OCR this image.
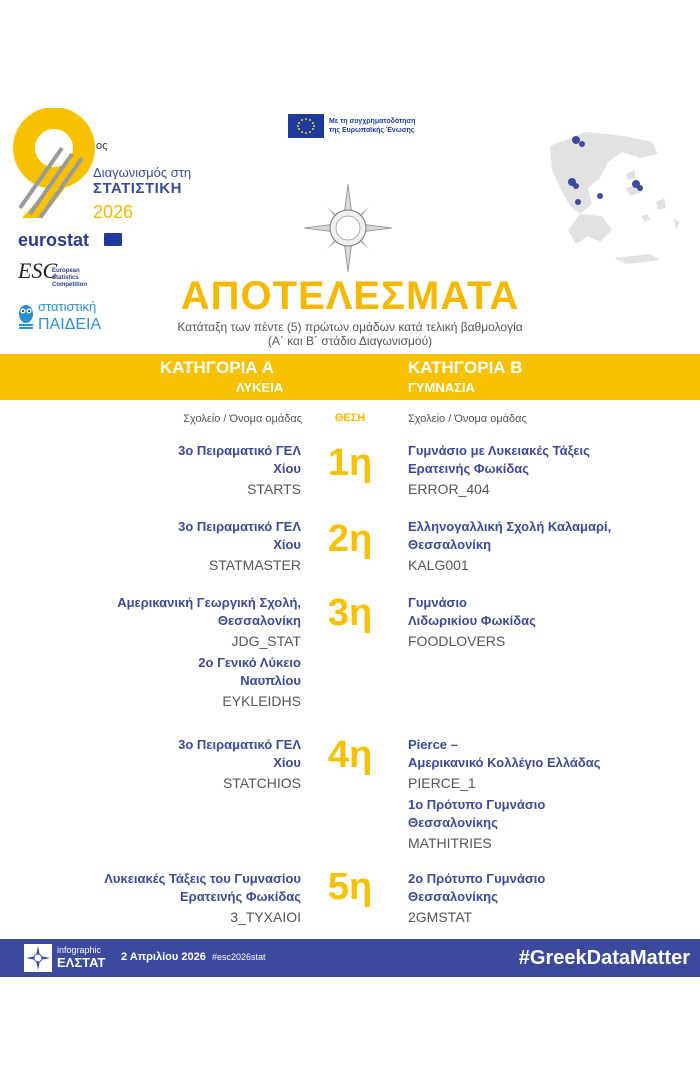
ος
Διαγωνισμός στη
ΣΤΑΤΙΣΤΙΚΗ
2026
eurostat
ESC
European
Statistics
Competition
στατιστική
ΠΑΙΔΕΙΑ
Με τη συγχρηματοδότηση
της Ευρωπαϊκής Ένωσης
ΑΠΟΤΕΛΕΣΜΑΤΑ
Κατάταξη των πέντε (5) πρώτων ομάδων κατά τελική βαθμολογία
(Α΄ και Β΄ στάδιο Διαγωνισμού)
ΚΑΤΗΓΟΡΙΑ Α
ΛΥΚΕΙΑ
ΚΑΤΗΓΟΡΙΑ Β
ΓΥΜΝΑΣΙΑ
Σχολείο / Όνομα ομάδας	ΘΕΣΗ	Σχολείο / Όνομα ομάδας
3ο Πειραματικό ΓΕΛ
Χίου
STARTS
1η	Γυμνάσιο με Λυκειακές Τάξεις
Ερατεινής Φωκίδας
ERROR_404
3ο Πειραματικό ΓΕΛ
Χίου
STATMASTER
2η	Ελληνογαλλική Σχολή Καλαμαρί,
Θεσσαλονίκη
KALG001
Αμερικανική Γεωργική Σχολή,
Θεσσαλονίκη
JDG_STAT
2ο Γενικό Λύκειο
Ναυπλίου
EYKLEIDHS
3η	Γυμνάσιο
Λιδωρικίου Φωκίδας
FOODLOVERS
3ο Πειραματικό ΓΕΛ
Χίου
STATCHIOS
4η	Pierce –
Αμερικανικό Κολλέγιο Ελλάδας
PIERCE_1
1ο Πρότυπο Γυμνάσιο
Θεσσαλονίκης
MATHITRIES
Λυκειακές Τάξεις του Γυμνασίου
Ερατεινής Φωκίδας
3_ΤΥΧΑΙΟΙ
5η	2ο Πρότυπο Γυμνάσιο
Θεσσαλονίκης
2GMSTAT
infographic
ΕΛΣΤΑΤ 2 Απριλίου 2026 #esc2026stat	#GreekDataMatter
